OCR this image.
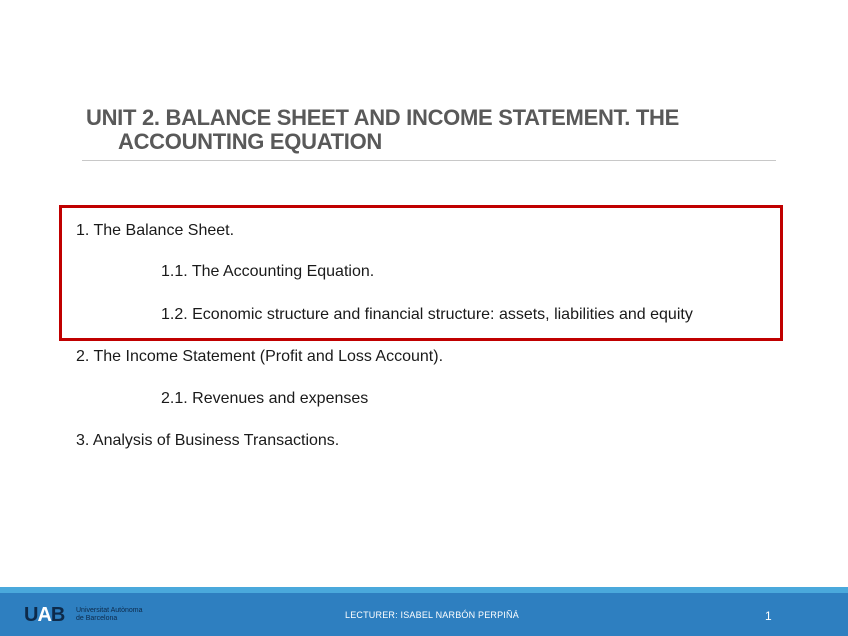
UNIT 2. BALANCE SHEET AND INCOME STATEMENT. THE
ACCOUNTING EQUATION

1. The Balance Sheet.

1.1. The Accounting Equation.

1.2. Economic structure and financial structure: assets, liabilities and equity

2. The Income Statement (Profit and Loss Account).

2.1. Revenues and expenses

3. Analysis of Business Transactions.

UAB Universitat Autònoma
de Barcelona	LECTURER: ISABEL NARBÓN PERPIÑÁ	1
